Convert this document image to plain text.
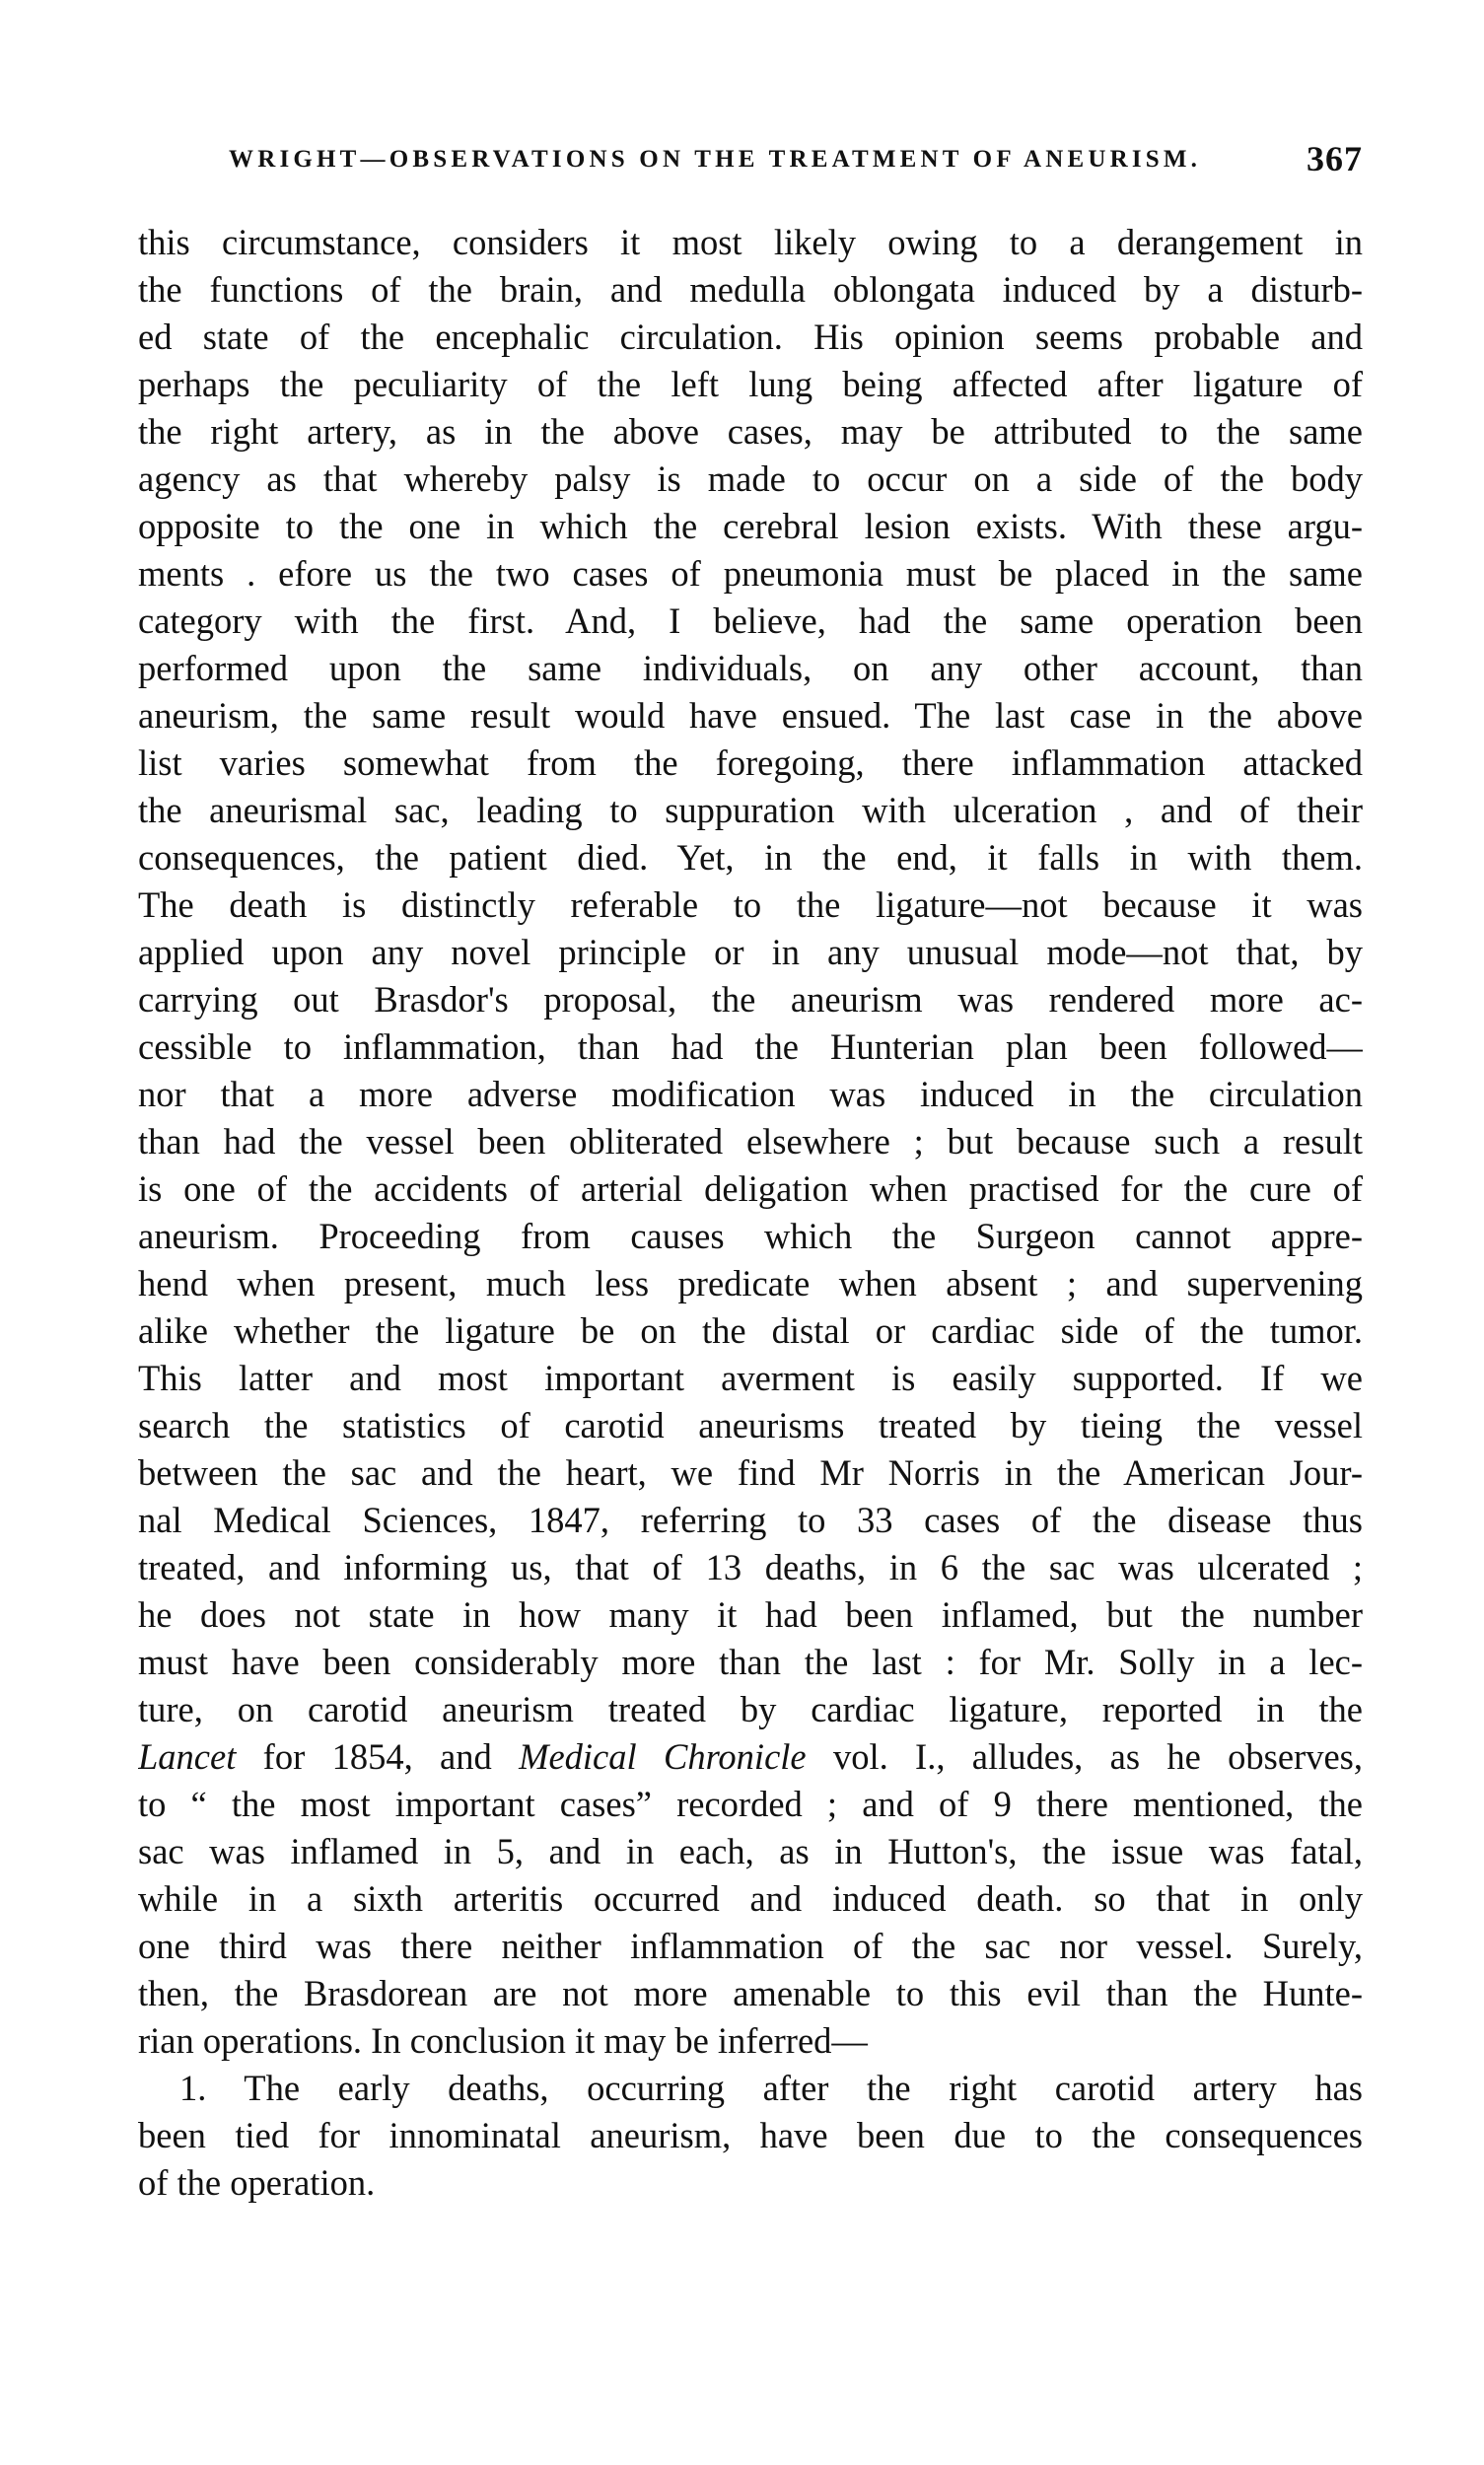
WRIGHT—OBSERVATIONS ON THE TREATMENT OF ANEURISM.	367
this circumstance, considers it most likely owing to a derangement in
the functions of the brain, and medulla oblongata induced by a disturb-
ed state of the encephalic circulation. His opinion seems probable and
perhaps the peculiarity of the left lung being affected after ligature of
the right artery, as in the above cases, may be attributed to the same
agency as that whereby palsy is made to occur on a side of the body
opposite to the one in which the cerebral lesion exists. With these argu-
ments . efore us the two cases of pneumonia must be placed in the same
category with the first. And, I believe, had the same operation been
performed upon the same individuals, on any other account, than
aneurism, the same result would have ensued. The last case in the above
list varies somewhat from the foregoing, there inflammation attacked
the aneurismal sac, leading to suppuration with ulceration , and of their
consequences, the patient died. Yet, in the end, it falls in with them.
The death is distinctly referable to the ligature—not because it was
applied upon any novel principle or in any unusual mode—not that, by
carrying out Brasdor's proposal, the aneurism was rendered more ac-
cessible to inflammation, than had the Hunterian plan been followed—
nor that a more adverse modification was induced in the circulation
than had the vessel been obliterated elsewhere ; but because such a result
is one of the accidents of arterial deligation when practised for the cure of
aneurism. Proceeding from causes which the Surgeon cannot appre-
hend when present, much less predicate when absent ; and supervening
alike whether the ligature be on the distal or cardiac side of the tumor.
This latter and most important averment is easily supported. If we
search the statistics of carotid aneurisms treated by tieing the vessel
between the sac and the heart, we find Mr Norris in the American Jour-
nal Medical Sciences, 1847, referring to 33 cases of the disease thus
treated, and informing us, that of 13 deaths, in 6 the sac was ulcerated ;
he does not state in how many it had been inflamed, but the number
must have been considerably more than the last : for Mr. Solly in a lec-
ture, on carotid aneurism treated by cardiac ligature, reported in the
Lancet for 1854, and Medical Chronicle vol. I., alludes, as he observes,
to “ the most important cases” recorded ; and of 9 there mentioned, the
sac was inflamed in 5, and in each, as in Hutton's, the issue was fatal,
while in a sixth arteritis occurred and induced death. so that in only
one third was there neither inflammation of the sac nor vessel. Surely,
then, the Brasdorean are not more amenable to this evil than the Hunte-
rian operations. In conclusion it may be inferred—
1. The early deaths, occurring after the right carotid artery has
been tied for innominatal aneurism, have been due to the consequences
of the operation.
